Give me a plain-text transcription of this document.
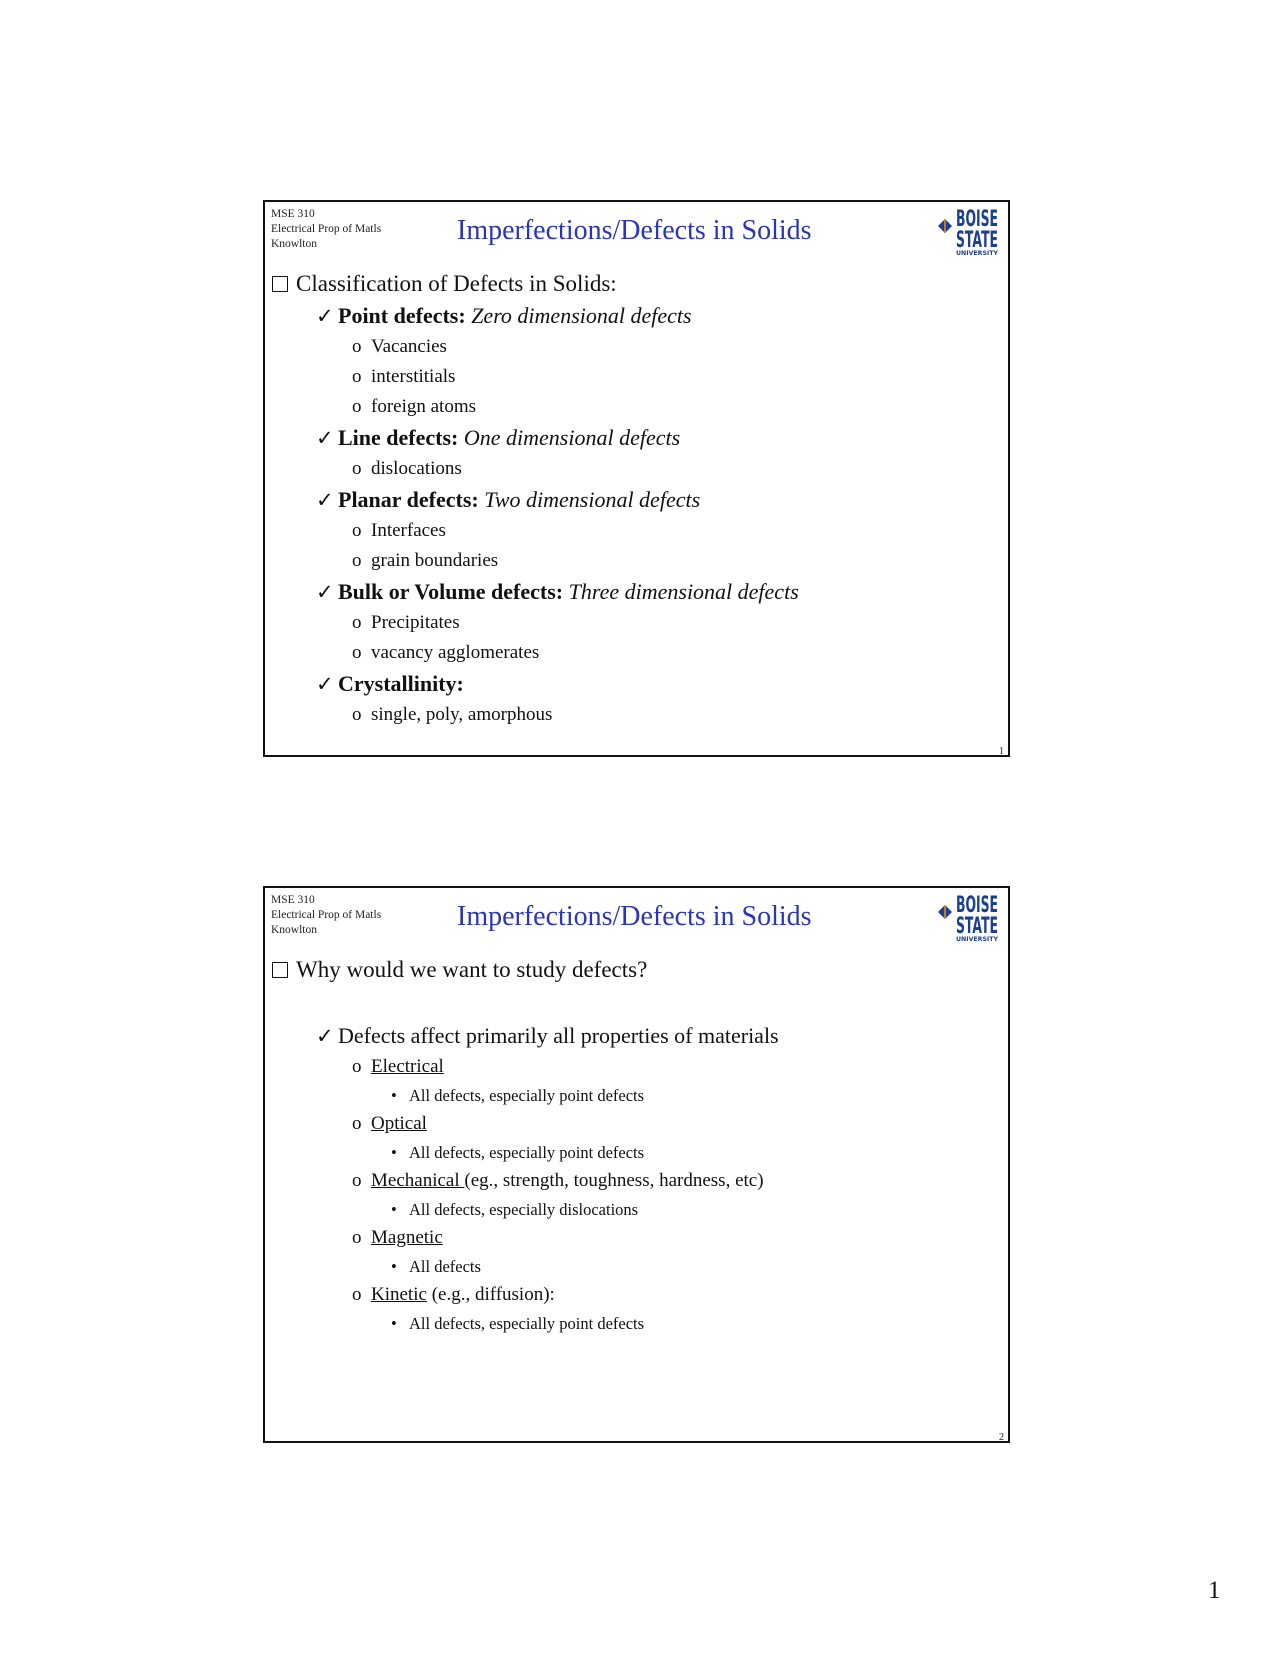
MSE 310
Electrical Prop of Matls
Knowlton	Imperfections/Defects in Solids	BOISE
STATE
UNIVERSITY
Classification of Defects in Solids:
✓ Point defects: Zero dimensional defects
o Vacancies
o interstitials
o foreign atoms
✓ Line defects: One dimensional defects
o dislocations
✓ Planar defects: Two dimensional defects
o Interfaces
o grain boundaries
✓ Bulk or Volume defects: Three dimensional defects
o Precipitates
o vacancy agglomerates
✓ Crystallinity:
o single, poly, amorphous
1
MSE 310
Electrical Prop of Matls
Knowlton	Imperfections/Defects in Solids	BOISE
STATE
UNIVERSITY
Why would we want to study defects?
✓ Defects affect primarily all properties of materials
o Electrical
• All defects, especially point defects
o Optical
• All defects, especially point defects
o Mechanical (eg., strength, toughness, hardness, etc)
• All defects, especially dislocations
o Magnetic
• All defects
o Kinetic (e.g., diffusion):
• All defects, especially point defects
2
1
